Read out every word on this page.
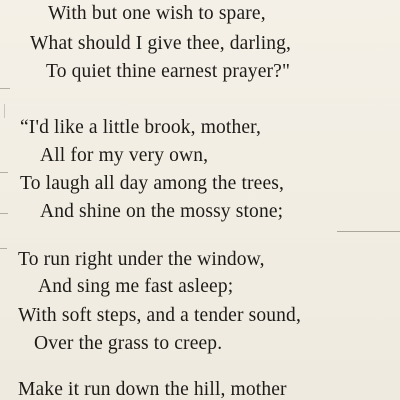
With but one wish to spare,
What should I give thee, darling,
To quiet thine earnest prayer?"
“I'd like a little brook, mother,
All for my very own,
To laugh all day among the trees,
And shine on the mossy stone;
To run right under the window,
And sing me fast asleep;
With soft steps, and a tender sound,
Over the grass to creep.
Make it run down the hill, mother
